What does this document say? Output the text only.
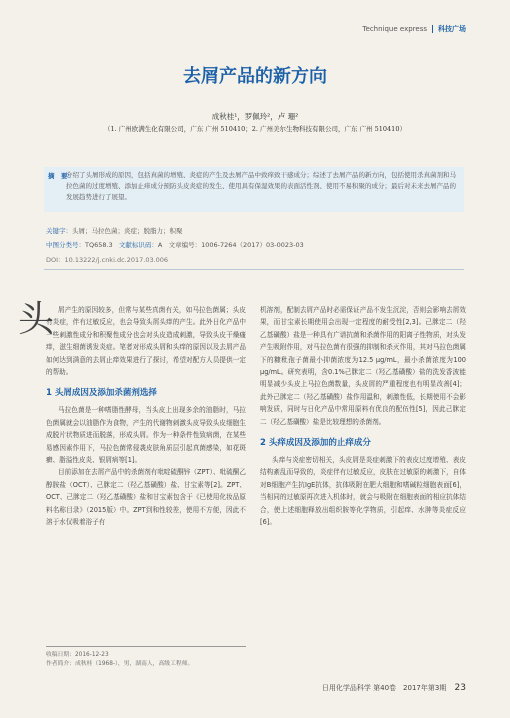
Technique express 科技广场
去屑产品的新方向
成秋桂¹，罗佩玲²，卢 珊²
（1. 广州欧满生化有限公司，广东 广州 510410；2. 广州美尔生物科技有限公司，广东 广州 510410）
摘　要：
介绍了头屑形成的原因，包括真菌的增殖、炎症的产生及去屑产品中致痒致干感成分；综述了去屑产品的新方向，包括使用杀真菌剂和马拉色菌的过度增殖、添加止痒成分预防头皮炎症的发生、使用具有保湿效果的表面活性剂、使用不易积聚的成分；最后对未来去屑产品的发展趋势进行了展望。
关键字：头屑；马拉色菌；炎症；脱脂力；积聚
中图分类号：TQ658.3 文献标识码：A 文章编号：1006-7264（2017）03-0023-03
DOI：10.13222/j.cnki.dc.2017.03.006
头 屑产生的原因较多，但常与某些真菌有关，如马拉色菌属；头皮有炎症，伴有过敏反应，也会导致头屑头痒的产生。此外日化产品中一些刺激性成分和积聚性成分也会对头皮造成刺激，导致头皮干燥瘙痒，滋生细菌诱发炎症。笔者对形成头屑和头痒的原因以及去屑产品如何达到满意的去屑止痒效果进行了探讨，希望对配方人员提供一定的帮助。

1 头屑成因及添加杀菌剂选择

马拉色菌是一种嗜脂性酵母，当头皮上出现多余的油脂时，马拉色菌属就会以油脂作为食物，产生的代谢物刺激头皮导致头皮细胞生成脱片状物质进而脱落，形成头屑。作为一种条件性致病菌，在某些易感因素作用下，马拉色菌常侵袭皮肤角质层引起真菌感染，如花斑癣、脂溢性皮炎、银屑病等[1]。

目前添加在去屑产品中的杀菌剂有吡啶硫酮锌（ZPT）、吡硫酮乙醇胺盐（OCT）、己脒定二（羟乙基磺酸）盐、甘宝素等[2]。ZPT、OCT、己脒定二（羟乙基磺酸）盐和甘宝素包含于《已使用化妆品原料名称目录》（2015版）中。ZPT到和性较差，使用不方便，因此不溶于水仅吸着浴子有

机溶剂，配制去屑产品时必需保证产品不发生沉淀，否则会影响去屑效果，而甘宝素长期使用会出现一定程度的耐受性[2,3]。己脒定二（羟乙基磺酸）盐是一种具有广谱抗菌和杀菌作用的阳离子性物质，对头发产生吸附作用，对马拉色菌有很强的抑制和杀灭作用，其对马拉色菌属下的糠秕孢子菌最小抑菌浓度为12.5 μg/mL，最小杀菌浓度为100 μg/mL。研究表明，含0.1%己脒定二（羟乙基磺酸）盐的洗发香波能明显减少头皮上马拉色菌数量，头皮屑的严重程度也有明显改善[4]；此外己脒定二（羟乙基磺酸）盐作用温和，刺激性低，长期使用不会影响发质，同时与日化产品中常用原料有优良的配伍性[5]，因此己脒定二（羟乙基磺酸）盐是比较理想的杀菌剂。

2 头痒成因及添加的止痒成分

头痒与炎症密切相关，头皮屑是炎症刺激下的表皮过度增殖、表皮结构紊乱而导致的，炎症伴有过敏反应，皮肤在过敏原的刺激下，自体对B细胞产生抗IgE抗体，抗体吸附在肥大细胞和嗜碱粒细胞表面[6]，当相同的过敏原再次进入机体时，就会与吸附在细胞表面的相应抗体结合，使上述细胞释放出组织胺等化学物质，引起痒、水肿等炎症反应[6]。

收稿日期：2016-12-23
作者简介：成秋桂（1968-），男，湖南人，高级工程师。
日用化学品科学 第40卷　2017年第3期 23
